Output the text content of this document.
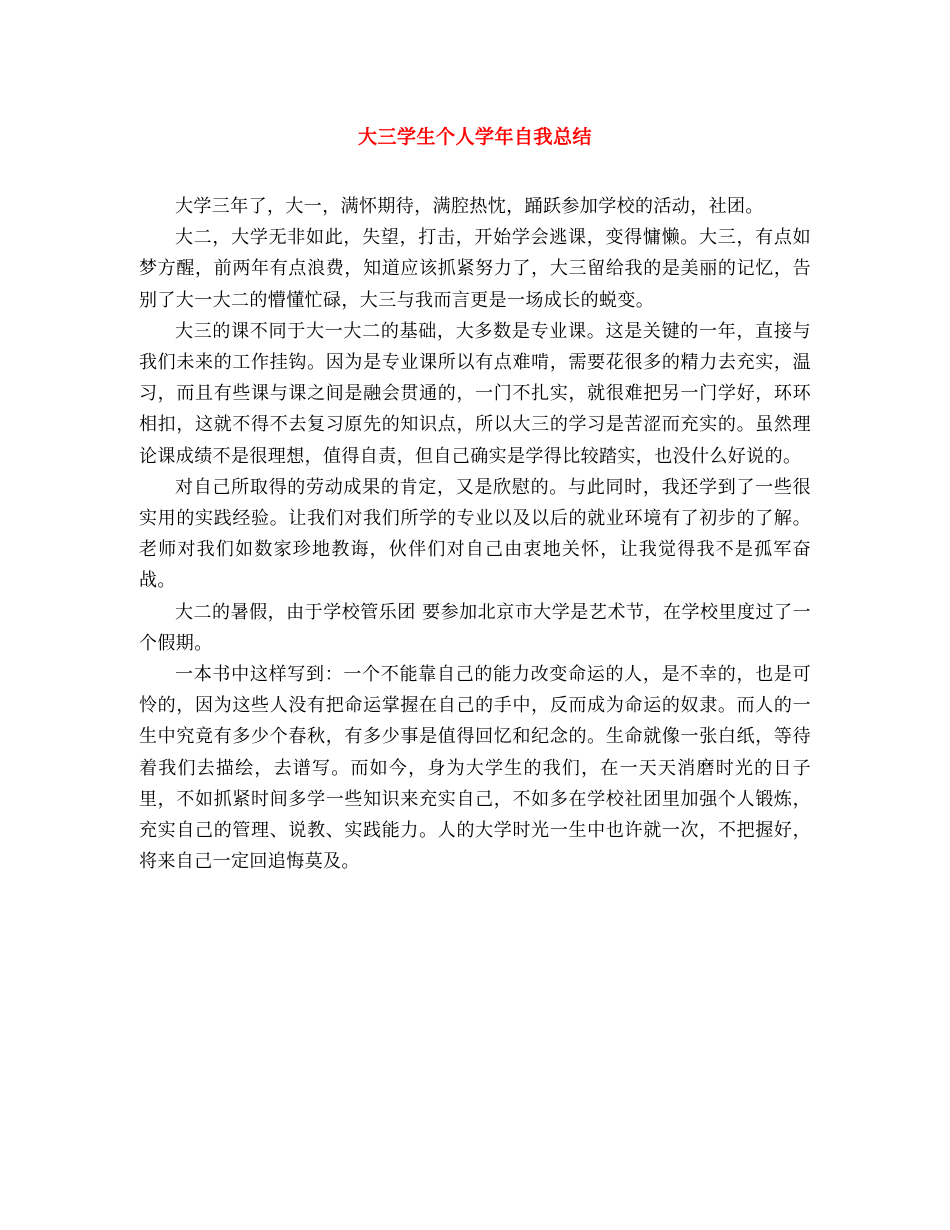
大三学生个人学年自我总结

大学三年了，大一，满怀期待，满腔热忱，踊跃参加学校的活动，社团。

大二，大学无非如此，失望，打击，开始学会逃课，变得慵懒。大三，有点如梦方醒，前两年有点浪费，知道应该抓紧努力了，大三留给我的是美丽的记忆，告别了大一大二的懵懂忙碌，大三与我而言更是一场成长的蜕变。

大三的课不同于大一大二的基础，大多数是专业课。这是关键的一年，直接与我们未来的工作挂钩。因为是专业课所以有点难啃，需要花很多的精力去充实，温习，而且有些课与课之间是融会贯通的，一门不扎实，就很难把另一门学好，环环相扣，这就不得不去复习原先的知识点，所以大三的学习是苦涩而充实的。虽然理论课成绩不是很理想，值得自责，但自己确实是学得比较踏实，也没什么好说的。

对自己所取得的劳动成果的肯定，又是欣慰的。与此同时，我还学到了一些很实用的实践经验。让我们对我们所学的专业以及以后的就业环境有了初步的了解。老师对我们如数家珍地教诲，伙伴们对自己由衷地关怀，让我觉得我不是孤军奋战。

大二的暑假，由于学校管乐团 要参加北京市大学是艺术节，在学校里度过了一个假期。

一本书中这样写到：一个不能靠自己的能力改变命运的人，是不幸的，也是可怜的，因为这些人没有把命运掌握在自己的手中，反而成为命运的奴隶。而人的一生中究竟有多少个春秋，有多少事是值得回忆和纪念的。生命就像一张白纸，等待着我们去描绘，去谱写。而如今，身为大学生的我们，在一天天消磨时光的日子里，不如抓紧时间多学一些知识来充实自己，不如多在学校社团里加强个人锻炼，充实自己的管理、说教、实践能力。人的大学时光一生中也许就一次，不把握好，将来自己一定回追悔莫及。
